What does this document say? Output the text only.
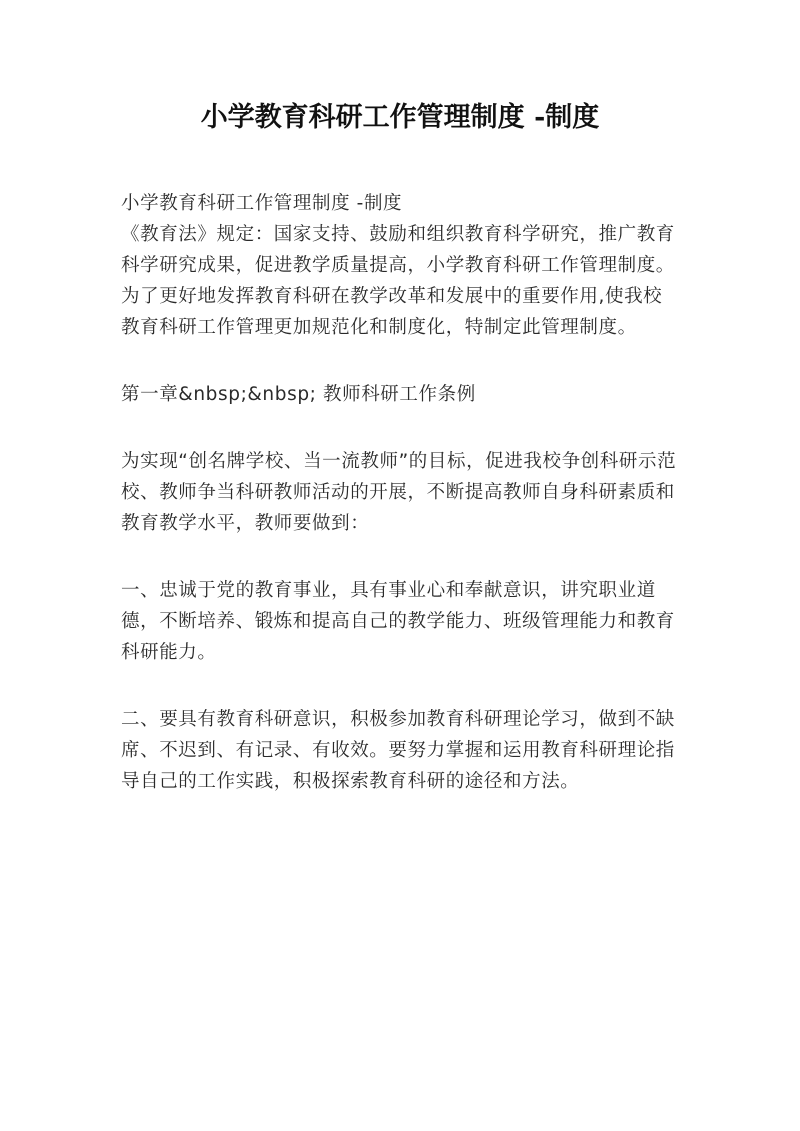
小学教育科研工作管理制度 -制度

小学教育科研工作管理制度 -制度

《教育法》规定：国家支持、鼓励和组织教育科学研究，推广教育科学研究成果，促进教学质量提高，小学教育科研工作管理制度。为了更好地发挥教育科研在教学改革和发展中的重要作用,使我校教育科研工作管理更加规范化和制度化，特制定此管理制度。

第一章&nbsp;&nbsp; 教师科研工作条例

为实现“创名牌学校、当一流教师”的目标，促进我校争创科研示范校、教师争当科研教师活动的开展，不断提高教师自身科研素质和教育教学水平，教师要做到：

一、忠诚于党的教育事业，具有事业心和奉献意识，讲究职业道德，不断培养、锻炼和提高自己的教学能力、班级管理能力和教育科研能力。

二、要具有教育科研意识，积极参加教育科研理论学习，做到不缺席、不迟到、有记录、有收效。要努力掌握和运用教育科研理论指导自己的工作实践，积极探索教育科研的途径和方法。
